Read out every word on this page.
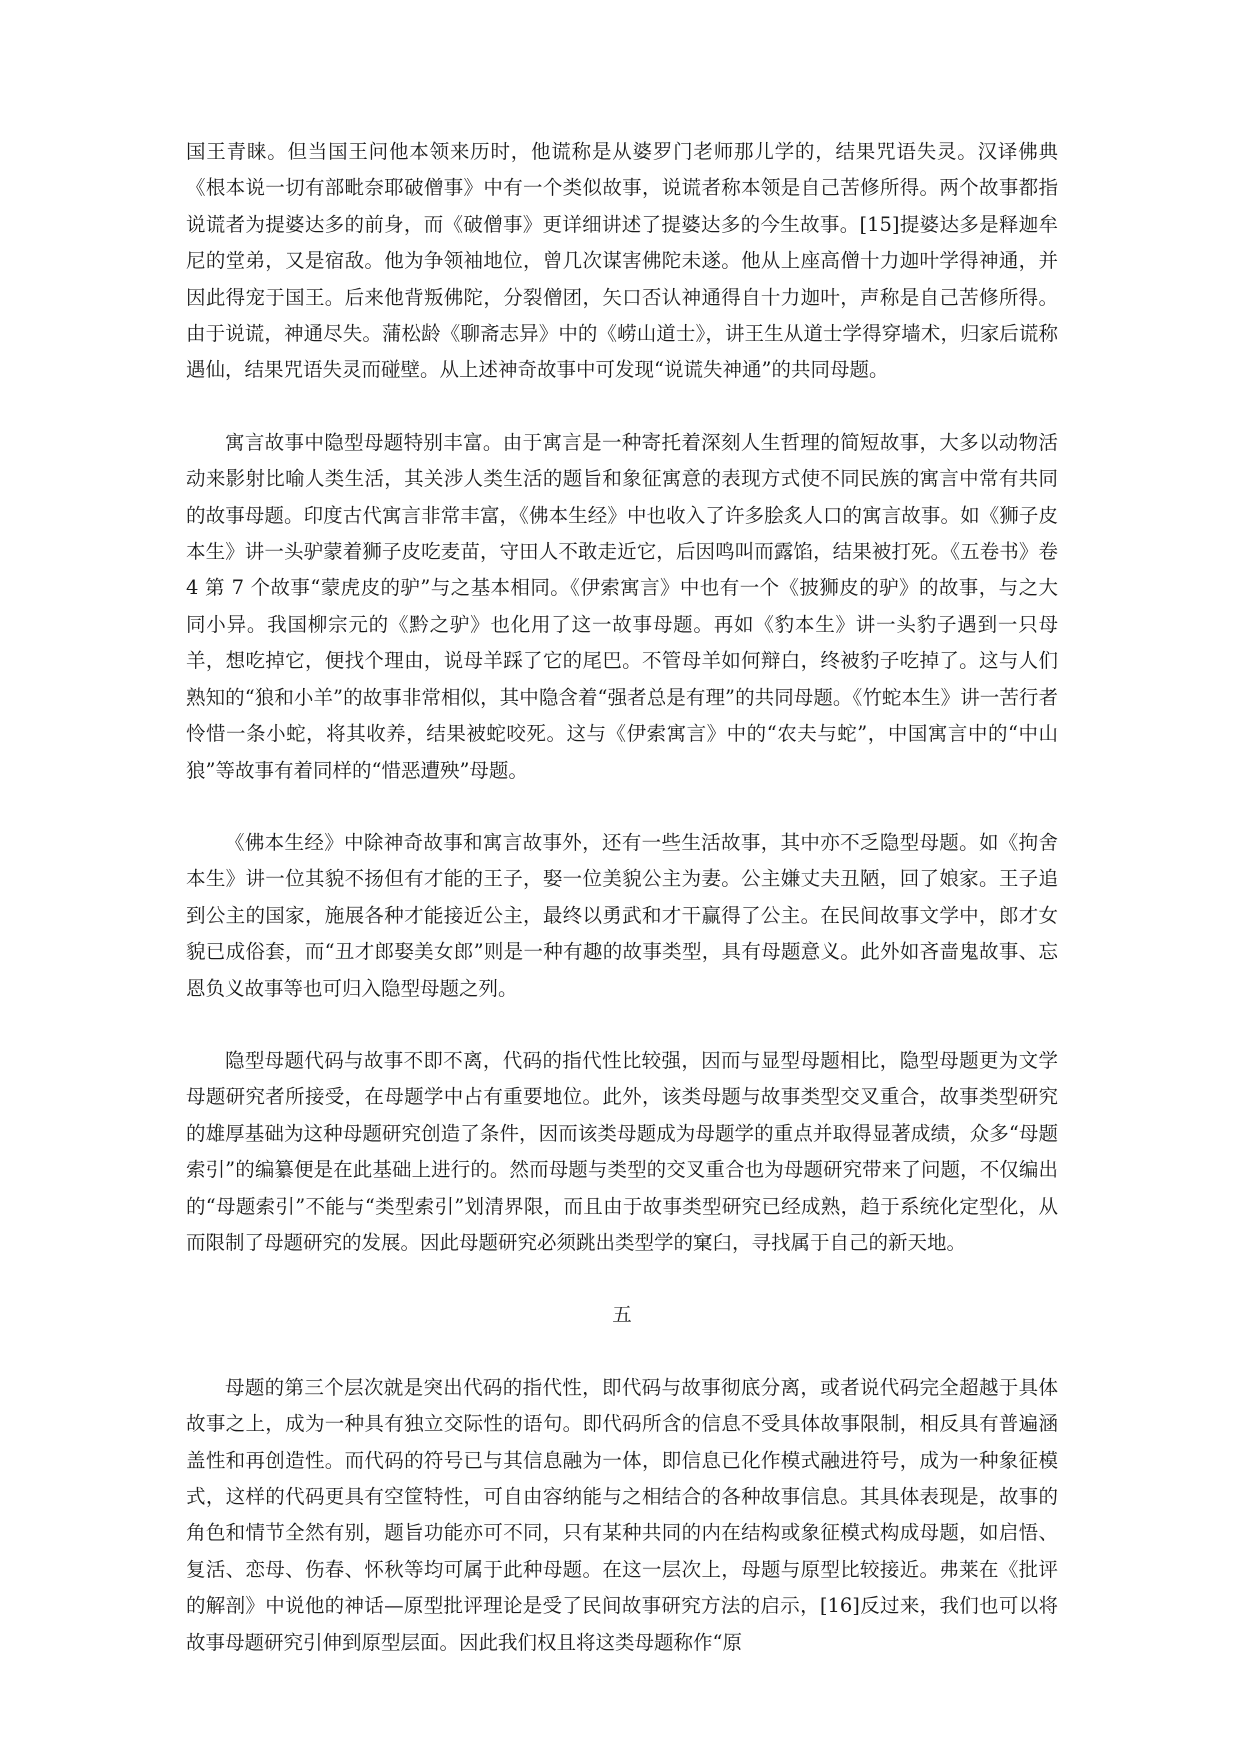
国王青睐。但当国王问他本领来历时，他谎称是从婆罗门老师那儿学的，结果咒语失灵。汉译佛典《根本说一切有部毗奈耶破僧事》中有一个类似故事，说谎者称本领是自己苦修所得。两个故事都指说谎者为提婆达多的前身，而《破僧事》更详细讲述了提婆达多的今生故事。[15]提婆达多是释迦牟尼的堂弟，又是宿敌。他为争领袖地位，曾几次谋害佛陀未遂。他从上座高僧十力迦叶学得神通，并因此得宠于国王。后来他背叛佛陀，分裂僧团，矢口否认神通得自十力迦叶，声称是自己苦修所得。由于说谎，神通尽失。蒲松龄《聊斋志异》中的《崂山道士》，讲王生从道士学得穿墙术，归家后谎称遇仙，结果咒语失灵而碰壁。从上述神奇故事中可发现“说谎失神通”的共同母题。

寓言故事中隐型母题特别丰富。由于寓言是一种寄托着深刻人生哲理的简短故事，大多以动物活动来影射比喻人类生活，其关涉人类生活的题旨和象征寓意的表现方式使不同民族的寓言中常有共同的故事母题。印度古代寓言非常丰富，《佛本生经》中也收入了许多脍炙人口的寓言故事。如《狮子皮本生》讲一头驴蒙着狮子皮吃麦苗，守田人不敢走近它，后因鸣叫而露馅，结果被打死。《五卷书》卷 4 第 7 个故事“蒙虎皮的驴”与之基本相同。《伊索寓言》中也有一个《披狮皮的驴》的故事，与之大同小异。我国柳宗元的《黔之驴》也化用了这一故事母题。再如《豹本生》讲一头豹子遇到一只母羊，想吃掉它，便找个理由，说母羊踩了它的尾巴。不管母羊如何辩白，终被豹子吃掉了。这与人们熟知的“狼和小羊”的故事非常相似，其中隐含着“强者总是有理”的共同母题。《竹蛇本生》讲一苦行者怜惜一条小蛇，将其收养，结果被蛇咬死。这与《伊索寓言》中的“农夫与蛇”，中国寓言中的“中山狼”等故事有着同样的“惜恶遭殃”母题。

《佛本生经》中除神奇故事和寓言故事外，还有一些生活故事，其中亦不乏隐型母题。如《拘舍本生》讲一位其貌不扬但有才能的王子，娶一位美貌公主为妻。公主嫌丈夫丑陋，回了娘家。王子追到公主的国家，施展各种才能接近公主，最终以勇武和才干赢得了公主。在民间故事文学中，郎才女貌已成俗套，而“丑才郎娶美女郎”则是一种有趣的故事类型，具有母题意义。此外如吝啬鬼故事、忘恩负义故事等也可归入隐型母题之列。

隐型母题代码与故事不即不离，代码的指代性比较强，因而与显型母题相比，隐型母题更为文学母题研究者所接受，在母题学中占有重要地位。此外，该类母题与故事类型交叉重合，故事类型研究的雄厚基础为这种母题研究创造了条件，因而该类母题成为母题学的重点并取得显著成绩，众多“母题索引”的编纂便是在此基础上进行的。然而母题与类型的交叉重合也为母题研究带来了问题，不仅编出的“母题索引”不能与“类型索引”划清界限，而且由于故事类型研究已经成熟，趋于系统化定型化，从而限制了母题研究的发展。因此母题研究必须跳出类型学的窠臼，寻找属于自己的新天地。

五

母题的第三个层次就是突出代码的指代性，即代码与故事彻底分离，或者说代码完全超越于具体故事之上，成为一种具有独立交际性的语句。即代码所含的信息不受具体故事限制，相反具有普遍涵盖性和再创造性。而代码的符号已与其信息融为一体，即信息已化作模式融进符号，成为一种象征模式，这样的代码更具有空筐特性，可自由容纳能与之相结合的各种故事信息。其具体表现是，故事的角色和情节全然有别，题旨功能亦可不同，只有某种共同的内在结构或象征模式构成母题，如启悟、复活、恋母、伤春、怀秋等均可属于此种母题。在这一层次上，母题与原型比较接近。弗莱在《批评的解剖》中说他的神话—原型批评理论是受了民间故事研究方法的启示，[16]反过来，我们也可以将故事母题研究引伸到原型层面。因此我们权且将这类母题称作“原
